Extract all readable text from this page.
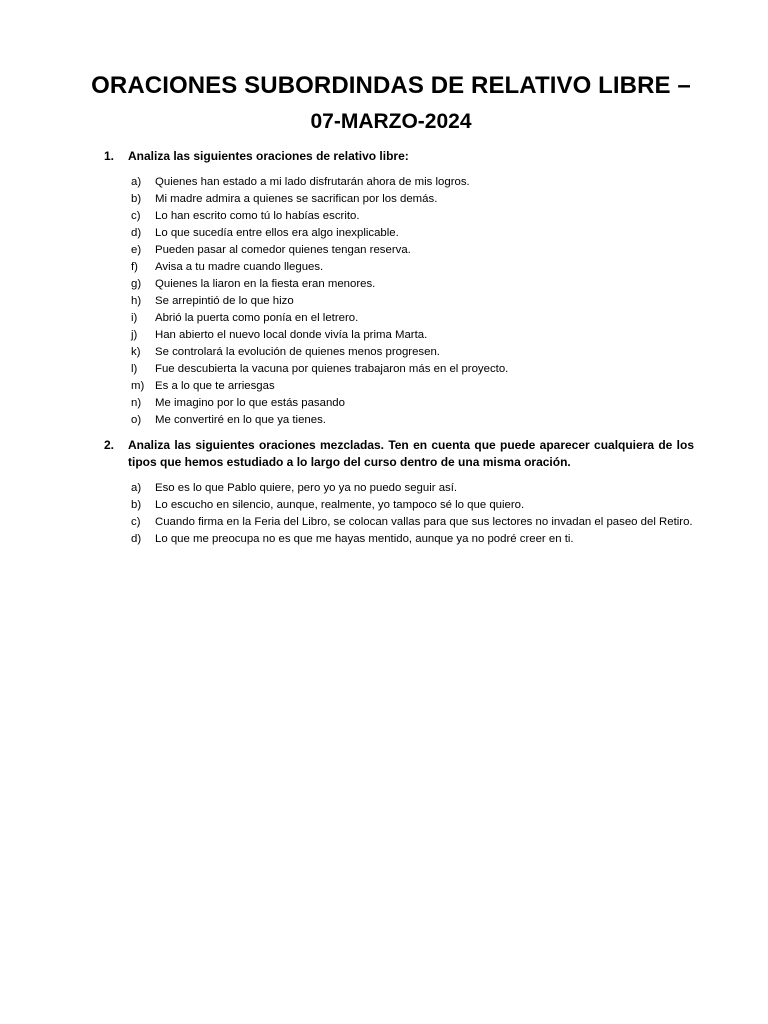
ORACIONES SUBORDINDAS DE RELATIVO LIBRE –
07-MARZO-2024
1.	Analiza las siguientes oraciones de relativo libre:
a)	Quienes han estado a mi lado disfrutarán ahora de mis logros.
b)	Mi madre admira a quienes se sacrifican por los demás.
c)	Lo han escrito como tú lo habías escrito.
d)	Lo que sucedía entre ellos era algo inexplicable.
e)	Pueden pasar al comedor quienes tengan reserva.
f)	Avisa a tu madre cuando llegues.
g)	Quienes la liaron en la fiesta eran menores.
h)	Se arrepintió de lo que hizo
i)	Abrió la puerta como ponía en el letrero.
j)	Han abierto el nuevo local donde vivía la prima Marta.
k)	Se controlará la evolución de quienes menos progresen.
l)	Fue descubierta la vacuna por quienes trabajaron más en el proyecto.
m) Es a lo que te arriesgas
n)	Me imagino por lo que estás pasando
o)	Me convertiré en lo que ya tienes.
2.	Analiza las siguientes oraciones mezcladas. Ten en cuenta que puede aparecer cualquiera de los tipos que hemos estudiado a lo largo del curso dentro de una misma oración.
a)	Eso es lo que Pablo quiere, pero yo ya no puedo seguir así.
b)	Lo escucho en silencio, aunque, realmente, yo tampoco sé lo que quiero.
c)	Cuando firma en la Feria del Libro, se colocan vallas para que sus lectores no invadan el paseo del Retiro.
d)	Lo que me preocupa no es que me hayas mentido, aunque ya no podré creer en ti.
